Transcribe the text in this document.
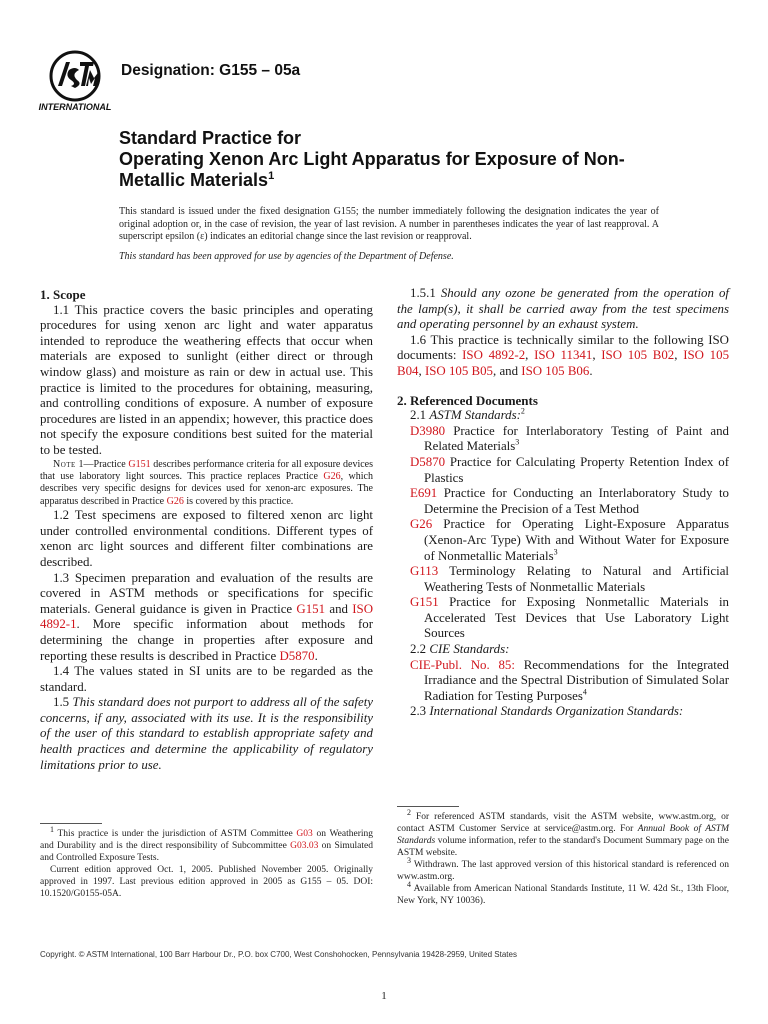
INTERNATIONAL
Designation: G155 – 05a
Standard Practice for
Operating Xenon Arc Light Apparatus for Exposure of Non-Metallic Materials$^1$

This standard is issued under the fixed designation G155; the number immediately following the designation indicates the year of original adoption or, in the case of revision, the year of last revision. A number in parentheses indicates the year of last reapproval. A superscript epsilon (ε) indicates an editorial change since the last revision or reapproval.

This standard has been approved for use by agencies of the Department of Defense.

1. Scope

1.1 This practice covers the basic principles and operating procedures for using xenon arc light and water apparatus intended to reproduce the weathering effects that occur when materials are exposed to sunlight (either direct or through window glass) and moisture as rain or dew in actual use. This practice is limited to the procedures for obtaining, measuring, and controlling conditions of exposure. A number of exposure procedures are listed in an appendix; however, this practice does not specify the exposure conditions best suited for the material to be tested.

Note 1—Practice G151 describes performance criteria for all exposure devices that use laboratory light sources. This practice replaces Practice G26, which describes very specific designs for devices used for xenon-arc exposures. The apparatus described in Practice G26 is covered by this practice.

1.2 Test specimens are exposed to filtered xenon arc light under controlled environmental conditions. Different types of xenon arc light sources and different filter combinations are described.

1.3 Specimen preparation and evaluation of the results are covered in ASTM methods or specifications for specific materials. General guidance is given in Practice G151 and ISO 4892-1. More specific information about methods for determining the change in properties after exposure and reporting these results is described in Practice D5870.

1.4 The values stated in SI units are to be regarded as the standard.

1.5 This standard does not purport to address all of the safety concerns, if any, associated with its use. It is the responsibility of the user of this standard to establish appropriate safety and health practices and determine the applicability of regulatory limitations prior to use.

1.5.1 Should any ozone be generated from the operation of the lamp(s), it shall be carried away from the test specimens and operating personnel by an exhaust system.

1.6 This practice is technically similar to the following ISO documents: ISO 4892-2, ISO 11341, ISO 105 B02, ISO 105 B04, ISO 105 B05, and ISO 105 B06.

2. Referenced Documents

2.1 ASTM Standards:$^2$

D3980 Practice for Interlaboratory Testing of Paint and Related Materials$^3$

D5870 Practice for Calculating Property Retention Index of Plastics

E691 Practice for Conducting an Interlaboratory Study to Determine the Precision of a Test Method

G26 Practice for Operating Light-Exposure Apparatus (Xenon-Arc Type) With and Without Water for Exposure of Nonmetallic Materials$^3$

G113 Terminology Relating to Natural and Artificial Weathering Tests of Nonmetallic Materials

G151 Practice for Exposing Nonmetallic Materials in Accelerated Test Devices that Use Laboratory Light Sources

2.2 CIE Standards:

CIE-Publ. No. 85: Recommendations for the Integrated Irradiance and the Spectral Distribution of Simulated Solar Radiation for Testing Purposes$^4$

2.3 International Standards Organization Standards:

$^1$ This practice is under the jurisdiction of ASTM Committee G03 on Weathering and Durability and is the direct responsibility of Subcommittee G03.03 on Simulated and Controlled Exposure Tests.

Current edition approved Oct. 1, 2005. Published November 2005. Originally approved in 1997. Last previous edition approved in 2005 as G155 – 05. DOI: 10.1520/G0155-05A.

$^2$ For referenced ASTM standards, visit the ASTM website, www.astm.org, or contact ASTM Customer Service at service@astm.org. For Annual Book of ASTM Standards volume information, refer to the standard's Document Summary page on the ASTM website.

$^3$ Withdrawn. The last approved version of this historical standard is referenced on www.astm.org.

$^4$ Available from American National Standards Institute, 11 W. 42d St., 13th Floor, New York, NY 10036).

Copyright. © ASTM International, 100 Barr Harbour Dr., P.O. box C700, West Conshohocken, Pennsylvania 19428-2959, United States
1
